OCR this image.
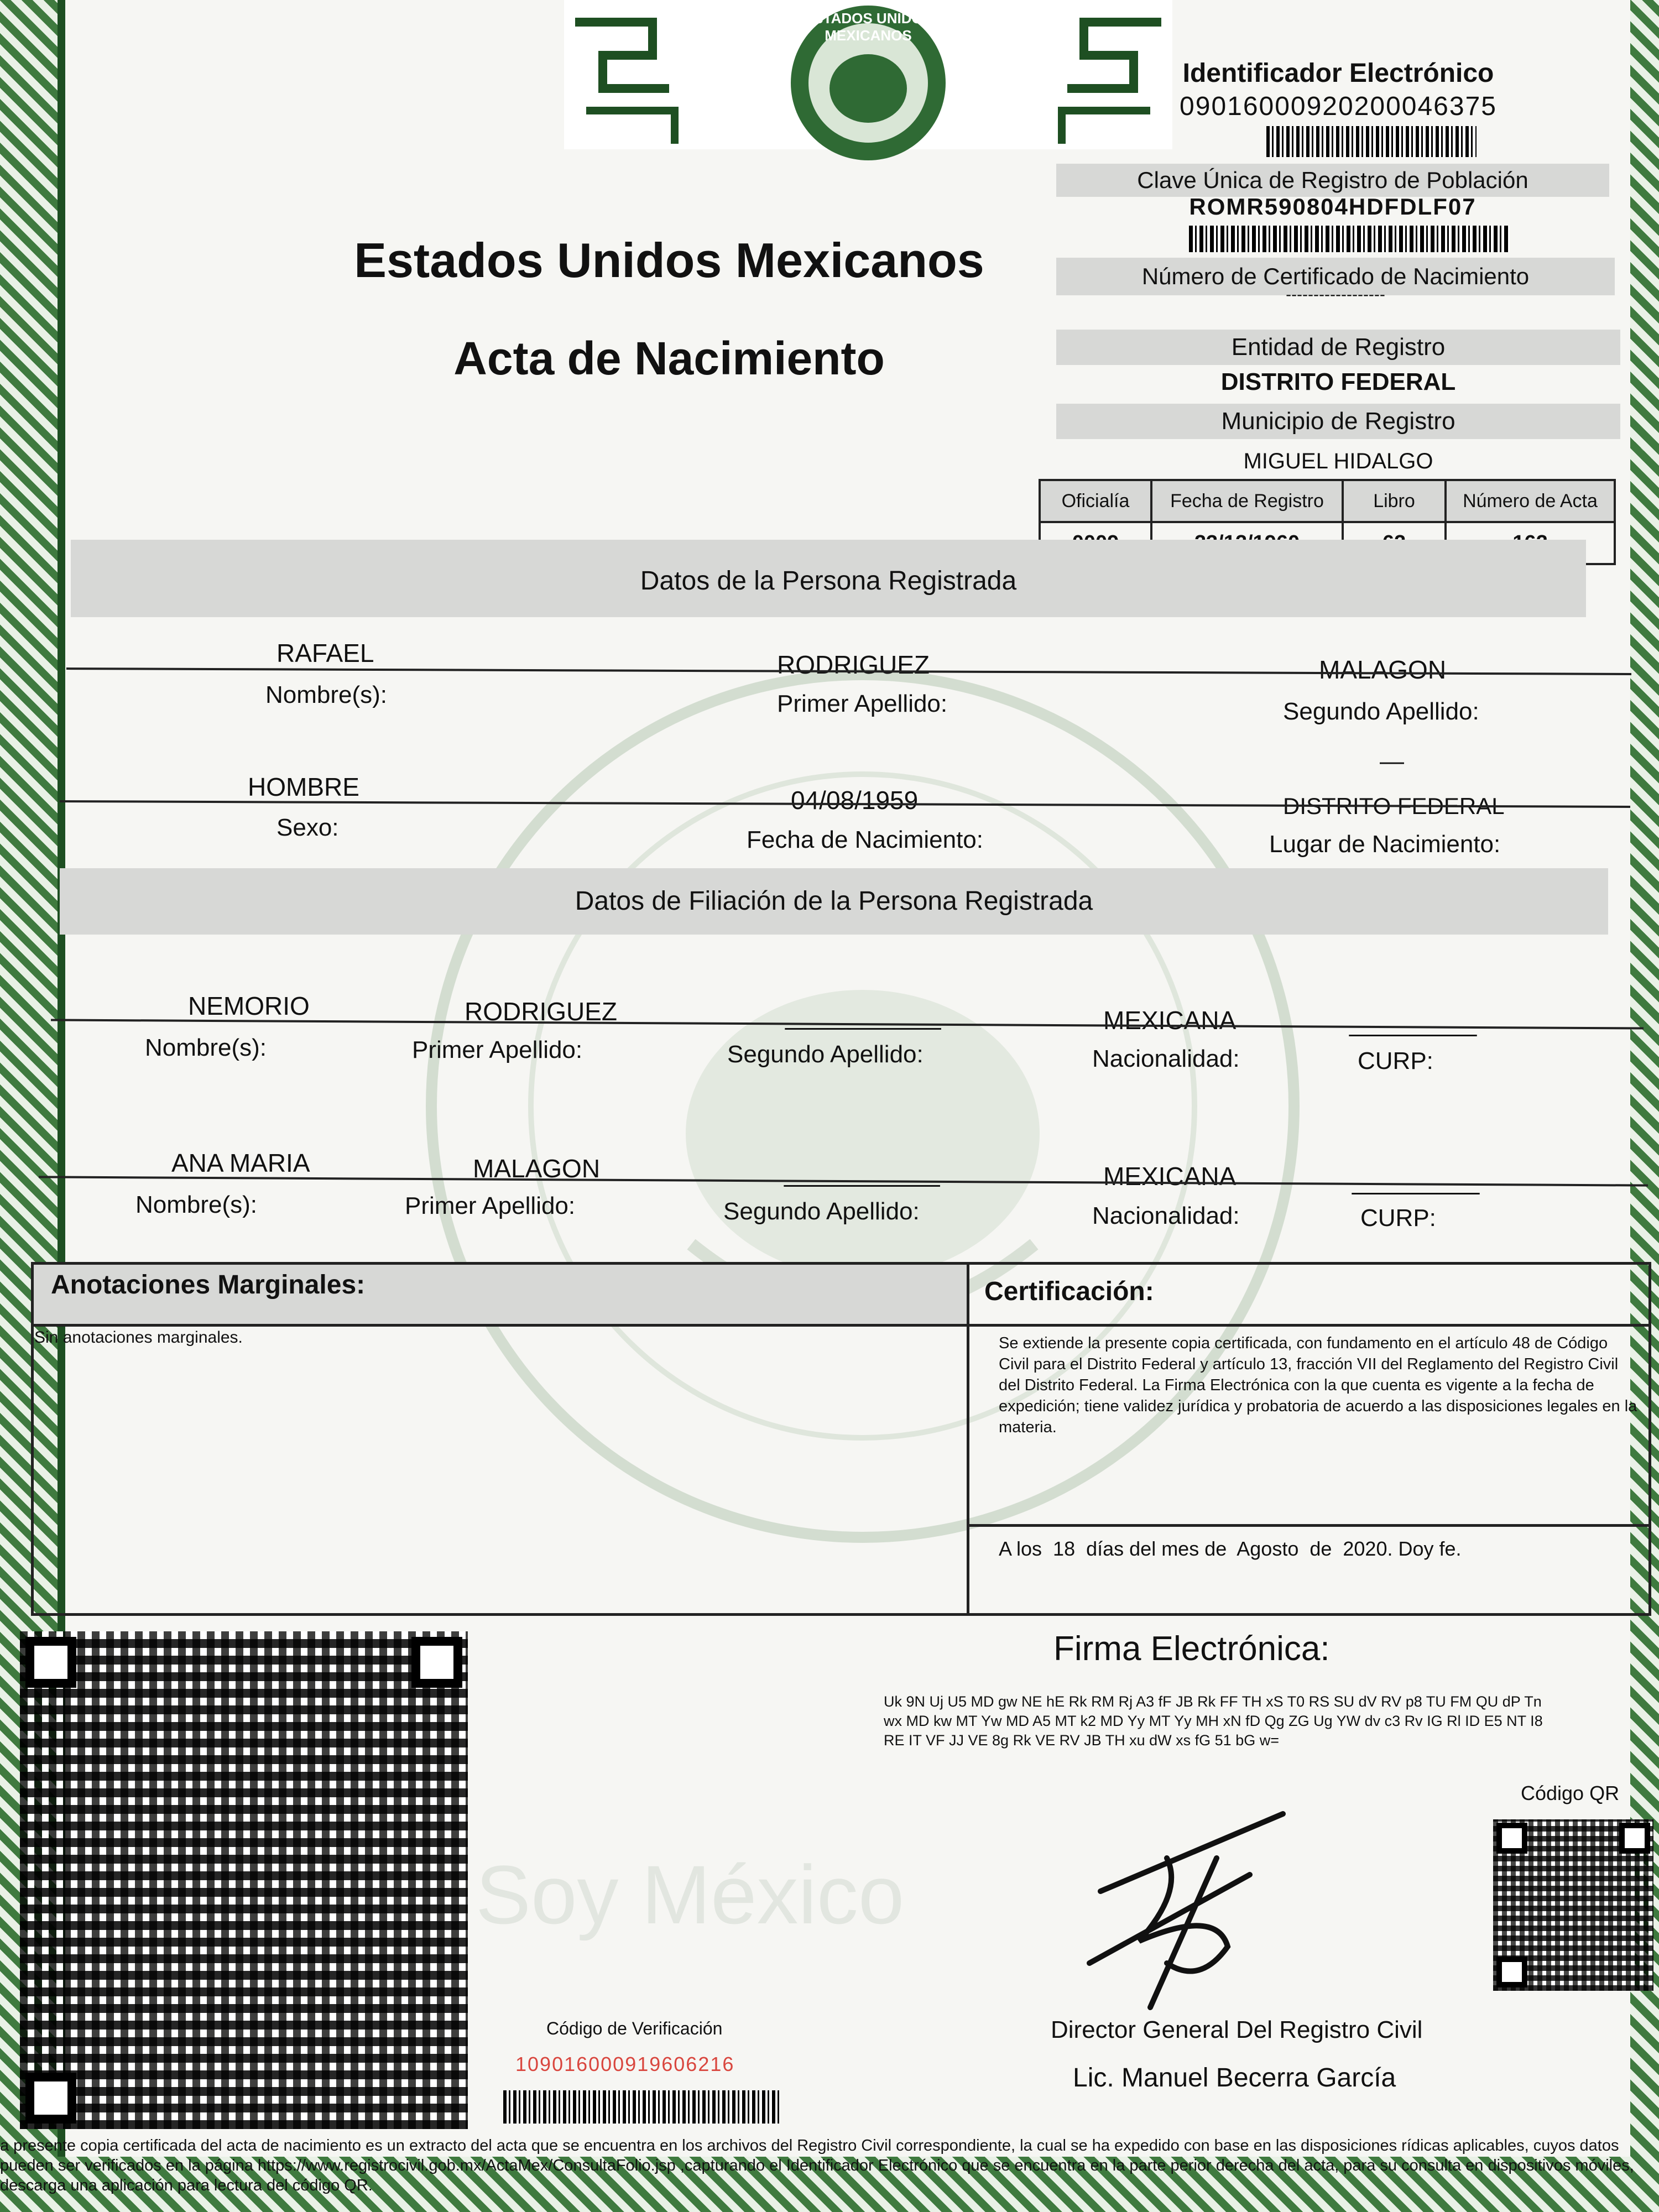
ESTADOS UNIDOS MEXICANOS
Estados Unidos Mexicanos
Acta de Nacimiento
Identificador Electrónico
09016000920200046375
Clave Única de Registro de Población
ROMR590804HDFDLF07
Número de Certificado de Nacimiento
------------------
Entidad de Registro
DISTRITO FEDERAL
Municipio de Registro
MIGUEL HIDALGO
Oficialía	Fecha de Registro	Libro	Número de Acta

Datos de la Persona Registrada
RAFAEL	RODRIGUEZ	MALAGON
Nombre(s):	Primer Apellido:	Segundo Apellido:
—
HOMBRE	04/08/1959	DISTRITO FEDERAL
Sexo:	Fecha de Nacimiento:	Lugar de Nacimiento:
Datos de Filiación de la Persona Registrada
NEMORIO	RODRIGUEZ	___________	MEXICANA	_________
Nombre(s):	Primer Apellido:	Segundo Apellido:	Nacionalidad:	CURP:
ANA MARIA	MALAGON	___________	MEXICANA	_________
Nombre(s):	Primer Apellido:	Segundo Apellido:	Nacionalidad:	CURP:
Anotaciones Marginales:
Sin anotaciones marginales.
Certificación:
Se extiende la presente copia certificada, con fundamento en el artículo 48 de Código Civil para el Distrito Federal y artículo 13, fracción VII del Reglamento del Registro Civil del Distrito Federal. La Firma Electrónica con la que cuenta es vigente a la fecha de expedición; tiene validez jurídica y probatoria de acuerdo a las disposiciones legales en la materia.
A los  18  días del mes de  Agosto  de  2020. Doy fe.
Soy México
Código de Verificación
109016000919606216
Firma Electrónica:
Uk 9N Uj U5 MD gw NE hE Rk RM Rj A3 fF JB Rk FF TH xS T0 RS SU dV RV p8 TU FM QU dP Tn wx MD kw MT Yw MD A5 MT k2 MD Yy MT Yy MH xN fD Qg ZG Ug YW dv c3 Rv IG Rl ID E5 NT I8 RE IT VF JJ VE 8g Rk VE RV JB TH xu dW xs fG 51 bG w=
Código QR
Director General Del Registro Civil
Lic. Manuel Becerra García
a presente copia certificada del acta de nacimiento es un extracto del acta que se encuentra en los archivos del Registro Civil correspondiente, la cual se ha expedido con base en las disposiciones rídicas aplicables, cuyos datos pueden ser verificados en la página https://www.registrocivil.gob.mx/ActaMex/ConsultaFolio.jsp ,capturando el Identificador Electrónico que se encuentra en la parte perior derecha del acta, para su consulta en dispositivos móviles, descarga una aplicación para lectura del código QR.
